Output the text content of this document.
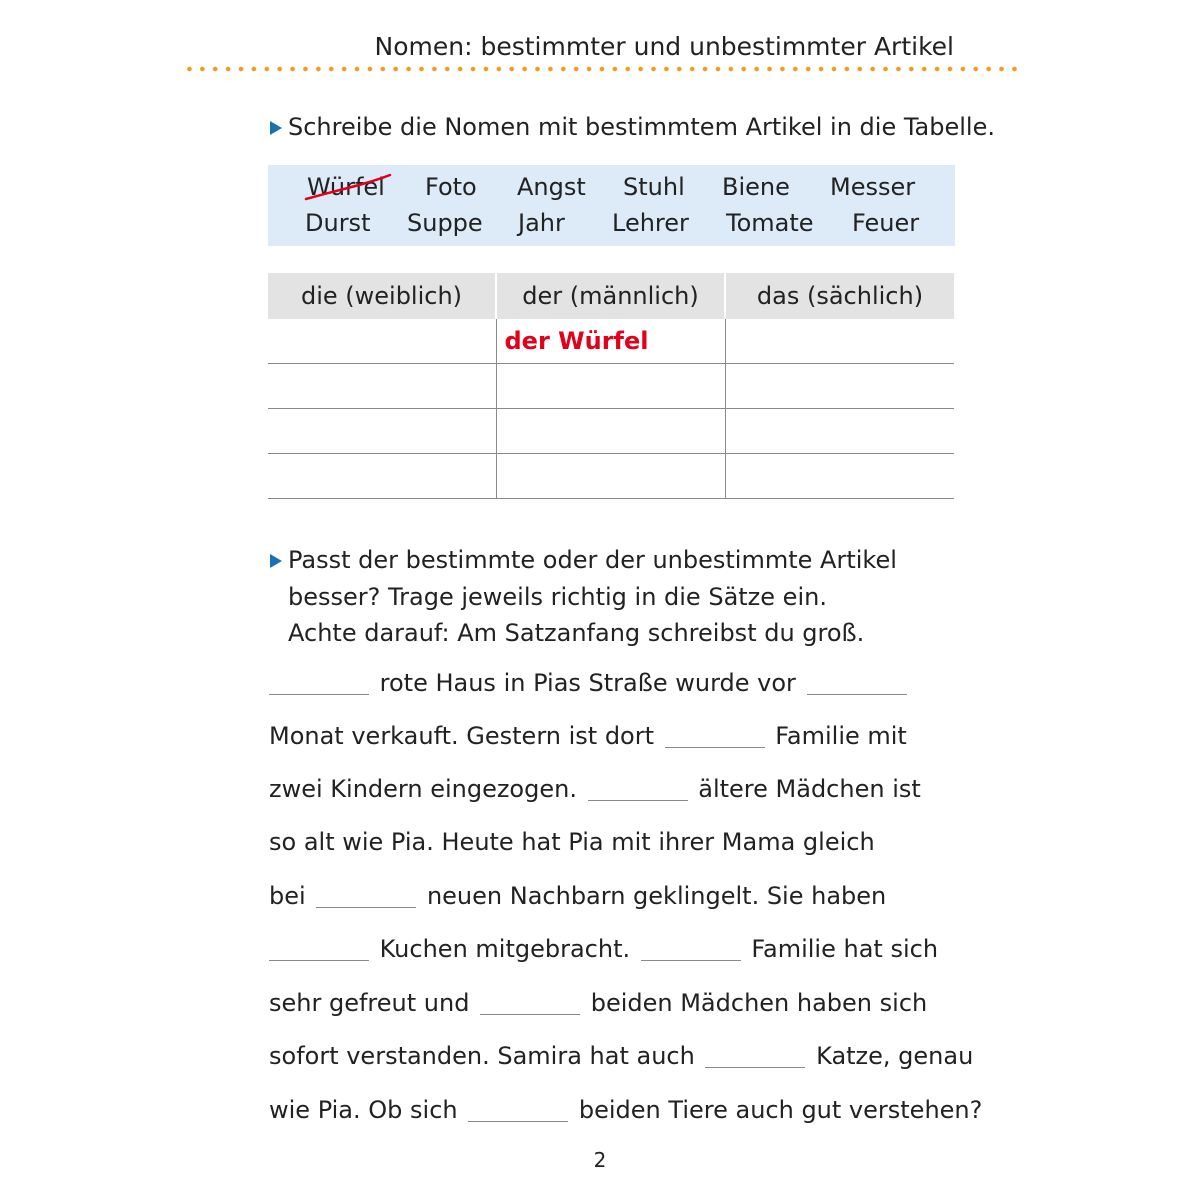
Nomen: bestimmter und unbestimmter Artikel
Schreibe die Nomen mit bestimmtem Artikel in die Tabelle.
Würfel Foto Angst Stuhl Biene Messer
Durst Suppe Jahr Lehrer Tomate Feuer
die (weiblich)	der (männlich)	das (sächlich)
	der Würfel	

Passt der bestimmte oder der unbestimmte Artikel
besser? Trage jeweils richtig in die Sätze ein.
Achte darauf: Am Satzanfang schreibst du groß.
rote Haus in Pias Straße wurde vor
Monat verkauft. Gestern ist dort	Familie mit
zwei Kindern eingezogen.	ältere Mädchen ist
so alt wie Pia. Heute hat Pia mit ihrer Mama gleich
bei	neuen Nachbarn geklingelt. Sie haben
Kuchen mitgebracht.	Familie hat sich
sehr gefreut und	beiden Mädchen haben sich
sofort verstanden. Samira hat auch	Katze, genau
wie Pia. Ob sich	beiden Tiere auch gut verstehen?
2
